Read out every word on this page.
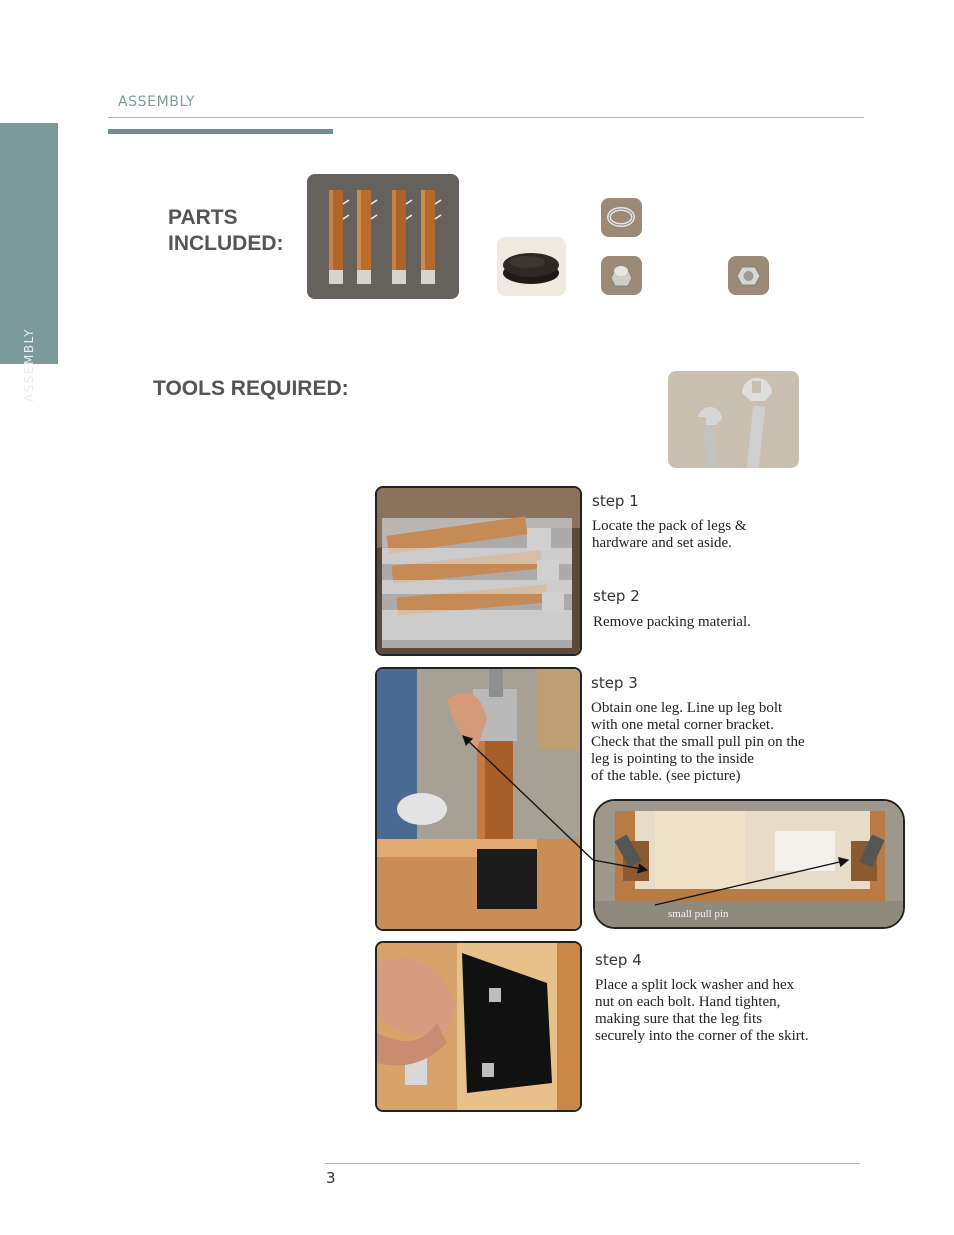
ASSEMBLY
ASSEMBLY
PARTS
INCLUDED:
TOOLS REQUIRED:
step 1
Locate the pack of legs &
hardware and set aside.
step 2
Remove packing material.
step 3
Obtain one leg. Line up leg bolt
with one metal corner bracket.
Check that the small pull pin on the
leg is pointing to the inside
of the table. (see picture)
small pull pin
step 4
Place a split lock washer and hex
nut on each bolt. Hand tighten,
making sure that the leg fits
securely into the corner of the skirt.
3
